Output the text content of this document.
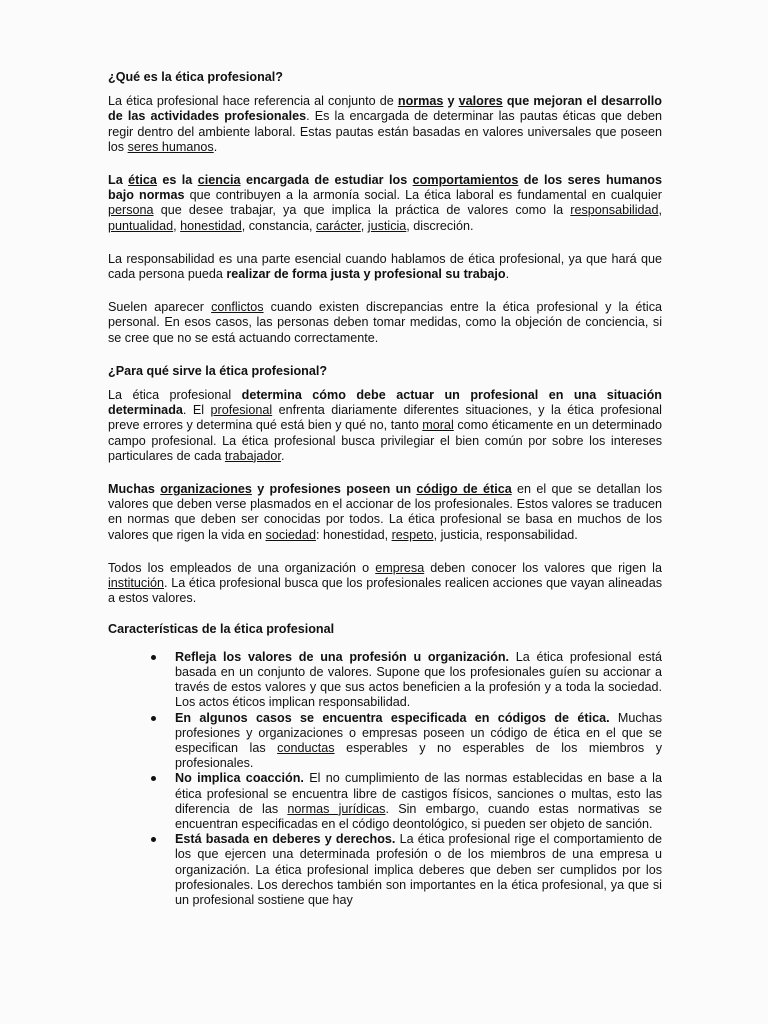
¿Qué es la ética profesional?

La ética profesional hace referencia al conjunto de normas y valores que mejoran el desarrollo de las actividades profesionales. Es la encargada de determinar las pautas éticas que deben regir dentro del ambiente laboral. Estas pautas están basadas en valores universales que poseen los seres humanos.

La ética es la ciencia encargada de estudiar los comportamientos de los seres humanos bajo normas que contribuyen a la armonía social. La ética laboral es fundamental en cualquier persona que desee trabajar, ya que implica la práctica de valores como la responsabilidad, puntualidad, honestidad, constancia, carácter, justicia, discreción.

La responsabilidad es una parte esencial cuando hablamos de ética profesional, ya que hará que cada persona pueda realizar de forma justa y profesional su trabajo.

Suelen aparecer conflictos cuando existen discrepancias entre la ética profesional y la ética personal. En esos casos, las personas deben tomar medidas, como la objeción de conciencia, si se cree que no se está actuando correctamente.

¿Para qué sirve la ética profesional?

La ética profesional determina cómo debe actuar un profesional en una situación determinada. El profesional enfrenta diariamente diferentes situaciones, y la ética profesional preve errores y determina qué está bien y qué no, tanto moral como éticamente en un determinado campo profesional. La ética profesional busca privilegiar el bien común por sobre los intereses particulares de cada trabajador.

Muchas organizaciones y profesiones poseen un código de ética en el que se detallan los valores que deben verse plasmados en el accionar de los profesionales. Estos valores se traducen en normas que deben ser conocidas por todos. La ética profesional se basa en muchos de los valores que rigen la vida en sociedad: honestidad, respeto, justicia, responsabilidad.

Todos los empleados de una organización o empresa deben conocer los valores que rigen la institución. La ética profesional busca que los profesionales realicen acciones que vayan alineadas a estos valores.

Características de la ética profesional
Refleja los valores de una profesión u organización. La ética profesional está basada en un conjunto de valores. Supone que los profesionales guíen su accionar a través de estos valores y que sus actos beneficien a la profesión y a toda la sociedad. Los actos éticos implican responsabilidad.
En algunos casos se encuentra especificada en códigos de ética. Muchas profesiones y organizaciones o empresas poseen un código de ética en el que se especifican las conductas esperables y no esperables de los miembros y profesionales.
No implica coacción. El no cumplimiento de las normas establecidas en base a la ética profesional se encuentra libre de castigos físicos, sanciones o multas, esto las diferencia de las normas jurídicas. Sin embargo, cuando estas normativas se encuentran especificadas en el código deontológico, si pueden ser objeto de sanción.
Está basada en deberes y derechos. La ética profesional rige el comportamiento de los que ejercen una determinada profesión o de los miembros de una empresa u organización. La ética profesional implica deberes que deben ser cumplidos por los profesionales. Los derechos también son importantes en la ética profesional, ya que si un profesional sostiene que hay
